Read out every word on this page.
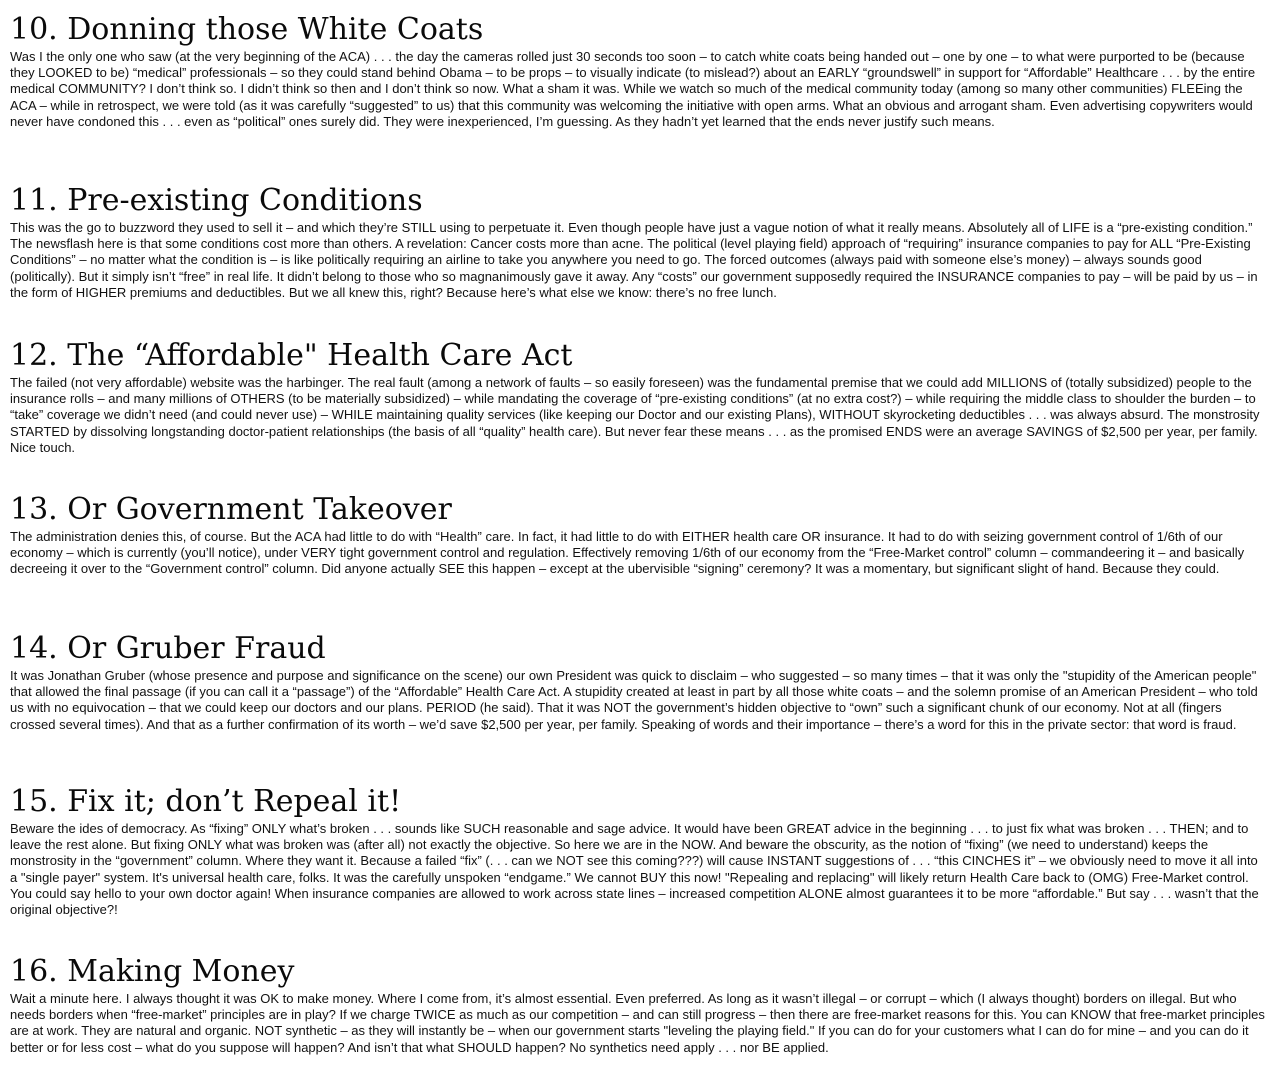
10. Donning those White Coats

Was I the only one who saw (at the very beginning of the ACA) . . . the day the cameras rolled just 30 seconds too soon – to catch white coats being handed out – one by one – to what were purported to be (because they LOOKED to be) “medical” professionals – so they could stand behind Obama – to be props – to visually indicate (to mislead?) about an EARLY “groundswell” in support for “Affordable” Healthcare . . . by the entire medical COMMUNITY? I don’t think so. I didn’t think so then and I don’t think so now. What a sham it was. While we watch so much of the medical community today (among so many other communities) FLEEing the ACA – while in retrospect, we were told (as it was carefully “suggested” to us) that this community was welcoming the initiative with open arms. What an obvious and arrogant sham. Even advertising copywriters would never have condoned this . . . even as “political” ones surely did. They were inexperienced, I’m guessing. As they hadn’t yet learned that the ends never justify such means.

11. Pre-existing Conditions

This was the go to buzzword they used to sell it – and which they’re STILL using to perpetuate it. Even though people have just a vague notion of what it really means. Absolutely all of LIFE is a “pre-existing condition.” The newsflash here is that some conditions cost more than others. A revelation: Cancer costs more than acne. The political (level playing field) approach of “requiring” insurance companies to pay for ALL “Pre-Existing Conditions” – no matter what the condition is – is like politically requiring an airline to take you anywhere you need to go. The forced outcomes (always paid with someone else’s money) – always sounds good (politically). But it simply isn’t “free” in real life. It didn’t belong to those who so magnanimously gave it away. Any “costs” our government supposedly required the INSURANCE companies to pay – will be paid by us – in the form of HIGHER premiums and deductibles. But we all knew this, right? Because here’s what else we know: there’s no free lunch.

12. The “Affordable" Health Care Act

The failed (not very affordable) website was the harbinger. The real fault (among a network of faults – so easily foreseen) was the fundamental premise that we could add MILLIONS of (totally subsidized) people to the insurance rolls – and many millions of OTHERS (to be materially subsidized) – while mandating the coverage of “pre-existing conditions” (at no extra cost?) – while requiring the middle class to shoulder the burden – to “take” coverage we didn’t need (and could never use) – WHILE maintaining quality services (like keeping our Doctor and our existing Plans), WITHOUT skyrocketing deductibles . . . was always absurd. The monstrosity STARTED by dissolving longstanding doctor-patient relationships (the basis of all “quality” health care). But never fear these means . . . as the promised ENDS were an average SAVINGS of $2,500 per year, per family. Nice touch.

13. Or Government Takeover

The administration denies this, of course. But the ACA had little to do with “Health” care. In fact, it had little to do with EITHER health care OR insurance. It had to do with seizing government control of 1/6th of our economy – which is currently (you’ll notice), under VERY tight government control and regulation. Effectively removing 1/6th of our economy from the “Free-Market control” column – commandeering it – and basically decreeing it over to the “Government control” column. Did anyone actually SEE this happen – except at the ubervisible “signing” ceremony? It was a momentary, but significant slight of hand. Because they could.

14. Or Gruber Fraud

It was Jonathan Gruber (whose presence and purpose and significance on the scene) our own President was quick to disclaim – who suggested – so many times – that it was only the "stupidity of the American people" that allowed the final passage (if you can call it a “passage”) of the “Affordable” Health Care Act. A stupidity created at least in part by all those white coats – and the solemn promise of an American President – who told us with no equivocation – that we could keep our doctors and our plans. PERIOD (he said). That it was NOT the government’s hidden objective to “own” such a significant chunk of our economy. Not at all (fingers crossed several times). And that as a further confirmation of its worth – we’d save $2,500 per year, per family. Speaking of words and their importance – there’s a word for this in the private sector: that word is fraud.

15. Fix it; don’t Repeal it!

Beware the ides of democracy. As “fixing” ONLY what’s broken . . . sounds like SUCH reasonable and sage advice. It would have been GREAT advice in the beginning . . . to just fix what was broken . . . THEN; and to leave the rest alone. But fixing ONLY what was broken was (after all) not exactly the objective. So here we are in the NOW. And beware the obscurity, as the notion of “fixing” (we need to understand) keeps the monstrosity in the “government” column. Where they want it. Because a failed “fix” (. . . can we NOT see this coming???) will cause INSTANT suggestions of . . . “this CINCHES it” – we obviously need to move it all into a "single payer" system. It's universal health care, folks. It was the carefully unspoken “endgame.” We cannot BUY this now! "Repealing and replacing" will likely return Health Care back to (OMG) Free-Market control. You could say hello to your own doctor again! When insurance companies are allowed to work across state lines – increased competition ALONE almost guarantees it to be more “affordable.” But say . . . wasn’t that the original objective?!

16. Making Money

Wait a minute here. I always thought it was OK to make money. Where I come from, it’s almost essential. Even preferred. As long as it wasn’t illegal – or corrupt – which (I always thought) borders on illegal. But who needs borders when “free-market” principles are in play? If we charge TWICE as much as our competition – and can still progress – then there are free-market reasons for this. You can KNOW that free-market principles are at work. They are natural and organic. NOT synthetic – as they will instantly be – when our government starts "leveling the playing field." If you can do for your customers what I can do for mine – and you can do it better or for less cost – what do you suppose will happen? And isn’t that what SHOULD happen? No synthetics need apply . . . nor BE applied.
